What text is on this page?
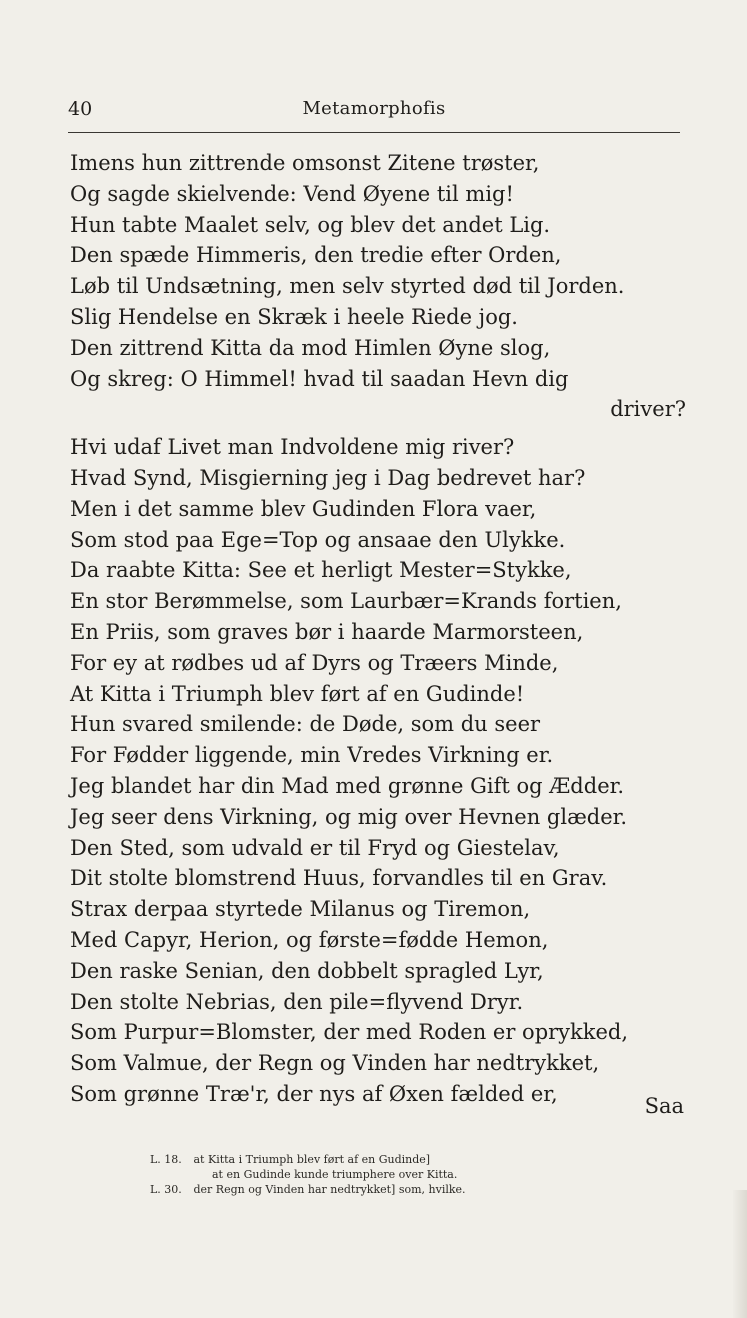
40	Metamorphofis
Imens hun zittrende omsonst Zitene trøster,
Og sagde skielvende: Vend Øyene til mig!
Hun tabte Maalet selv, og blev det andet Lig.
Den spæde Himmeris, den tredie efter Orden,
Løb til Undsætning, men selv styrted død til Jorden.
Slig Hendelse en Skræk i heele Riede jog.
Den zittrend Kitta da mod Himlen Øyne slog,
Og skreg: O Himmel! hvad til saadan Hevn dig
driver?
Hvi udaf Livet man Indvoldene mig river?
Hvad Synd, Misgierning jeg i Dag bedrevet har?
Men i det samme blev Gudinden Flora vaer,
Som stod paa Ege=Top og ansaae den Ulykke.
Da raabte Kitta: See et herligt Mester=Stykke,
En stor Berømmelse, som Laurbær=Krands fortien,
En Priis, som graves bør i haarde Marmorsteen,
For ey at rødbes ud af Dyrs og Træers Minde,
At Kitta i Triumph blev ført af en Gudinde!
Hun svared smilende: de Døde, som du seer
For Fødder liggende, min Vredes Virkning er.
Jeg blandet har din Mad med grønne Gift og Ædder.
Jeg seer dens Virkning, og mig over Hevnen glæder.
Den Sted, som udvald er til Fryd og Giestelav,
Dit stolte blomstrend Huus, forvandles til en Grav.
Strax derpaa styrtede Milanus og Tiremon,
Med Capyr, Herion, og første=fødde Hemon,
Den raske Senian, den dobbelt spragled Lyr,
Den stolte Nebrias, den pile=flyvend Dryr.
Som Purpur=Blomster, der med Roden er oprykked,
Som Valmue, der Regn og Vinden har nedtrykket,
Som grønne Træ'r, der nys af Øxen fælded er,
Saa
L. 18. at Kitta i Triumph blev ført af en Gudinde]
at en Gudinde kunde triumphere over Kitta.
L. 30. der Regn og Vinden har nedtrykket] som, hvilke.
